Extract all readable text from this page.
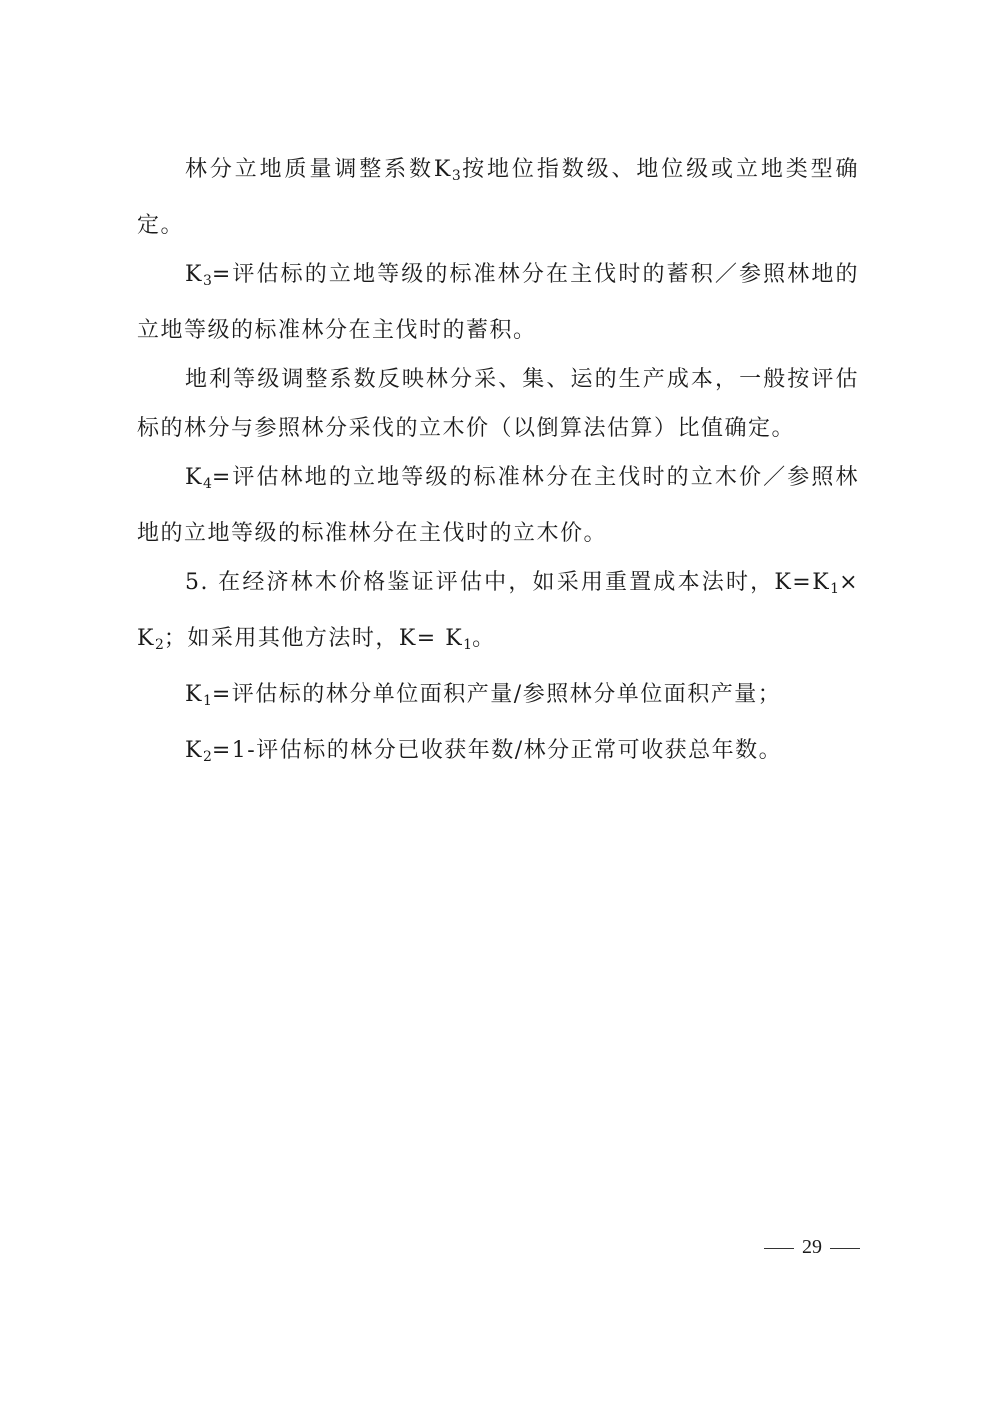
林分立地质量调整系数$K_3$按地位指数级、地位级或立地类型确定。

$K_3=$评估标的立地等级的标准林分在主伐时的蓄积／参照林地的立地等级的标准林分在主伐时的蓄积。

地利等级调整系数反映林分采、集、运的生产成本，一般按评估标的林分与参照林分采伐的立木价（以倒算法估算）比值确定。

$K_4=$评估林地的立地等级的标准林分在主伐时的立木价／参照林地的立地等级的标准林分在主伐时的立木价。

5. 在经济林木价格鉴证评估中，如采用重置成本法时，$K=K_1\times K_2$；如采用其他方法时，$K= K_1$。

$K_1=$评估标的林分单位面积产量/参照林分单位面积产量；

$K_2=1-$评估标的林分已收获年数/林分正常可收获总年数。

29
